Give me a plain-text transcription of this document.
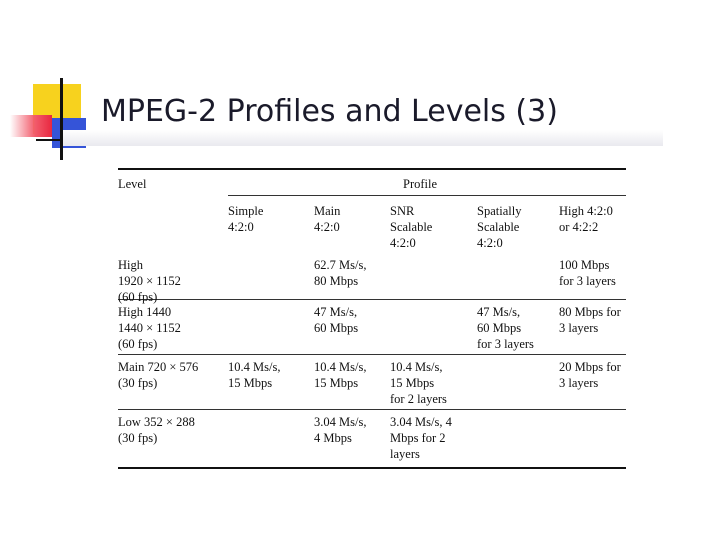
MPEG-2 Profiles and Levels (3)
Level	Profile
Simple
4:2:0
Main
4:2:0
SNR
Scalable
4:2:0
Spatially
Scalable
4:2:0
High 4:2:0
or 4:2:2
High
1920 × 1152
(60 fps)
62.7 Ms/s,
80 Mbps
100 Mbps
for 3 layers
High 1440
1440 × 1152
(60 fps)
47 Ms/s,
60 Mbps
47 Ms/s,
60 Mbps
for 3 layers
80 Mbps for
3 layers
Main 720 × 576
(30 fps)
10.4 Ms/s,
15 Mbps
10.4 Ms/s,
15 Mbps
10.4 Ms/s,
15 Mbps
for 2 layers
20 Mbps for
3 layers
Low 352 × 288
(30 fps)
3.04 Ms/s,
4 Mbps
3.04 Ms/s, 4
Mbps for 2
layers
